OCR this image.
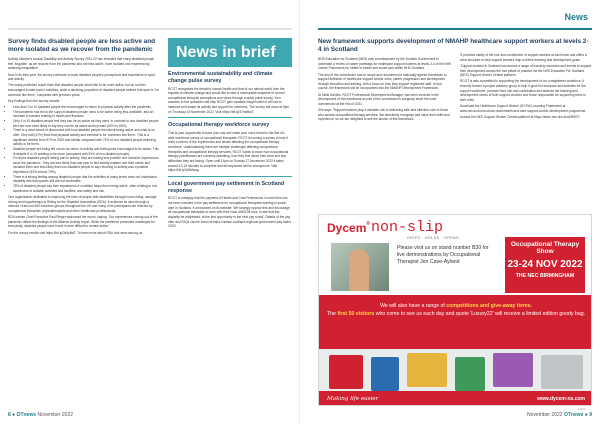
Survey finds disabled people are less active and more isolated as we recover from the pandemic

Activity Alliance's Annual Disability and Activity Survey 2021-22 has revealed that many disabled people feel 'forgotten' as we recover from the pandemic and are less active, more isolated and experiencing widening inequalities'.

Now in its third year, the survey continues to track disabled people's perceptions and experience of sport and activity.

The newly published report finds that disabled people would like to be more active, but do not feel encouraged to take part in activities, while a declining proportion of disabled people believe that sport is 'for someone like them', compared with previous years.

Key findings from the survey include:

• Less than 3 in 10 disabled people feel encouraged to return to physical activity after the pandemic.
• The pandemic has led to the support disabled people need to be active being less available, and an increase in barriers relating to health and finances.
• Only 4 in 10 disabled people feel they can be as active as they want, in contrast to non-disabled people who are now more likely to say they can be as active as they want (62% to 69%).
• There is a clear sense of disconnect with how disabled people feel about being active and what is on offer. Only half (47%) think that physical activity and exercise is for 'someone like them'. This is a significant decline from 57% in 2020 and similar compared with 72% of non-disabled people believing activity is for them.
• Disabled people are being left out as we return to activity and feeling less encouraged to be active. This is despite 8 in 10 wanting to be more (compared with 51% of non-disabled people).
• For those disabled people taking part in activity, they are having less positive and inclusive experiences since the pandemic. They are less likely than last year to feel activity leaders met their needs and included them and less likely than non-disabled people to say returning to activity was a positive experience (52% versus 70%).
• There is a strong feeling among disabled people that the activities at many levels does not understand disability and that spaces still are not accessible.
• 78% of disabled people say their impairment or condition stops them being active, often relating to low awareness of suitable activities and facilities, and safety and risk.

One organisation dedicated to improving the lives of people with disabilities through horse riding, carriage driving and hippotherapy is Riding for the Disabled Association (RDA). It achieves its aims through a network of around 450 volunteer groups throughout the UK and many of its participants are referred by occupational therapists, physiotherapists and other healthcare professionals.

RDA Interim Chief Executive Paul Ringer welcomed the report, saying: 'Our experiences coming out of the pandemic reflect the findings of the Alliance Activity report. While the pandemic presented challenges for everybody, disabled people have found it more difficult to remain active.'

For the survey results visit https://bit.ly/3z9p8wT. To learn more about RDA visit www.rda.org.uk.

News in brief
Environmental sustainability and climate change pulse survey
RCOT recognises the threat to human health and that of our natural world from the impacts of climate change and would like to take a measurable snapshot of current occupational therapist perceptions and views through a quick pulse survey. Your answers to five questions will help RCOT gain valuable insight which it will use to measure and shape its activity and support for members. The survey will close at 5pm on Thursday 24 November 2022. Visit https://bit.ly/37mnBwT.
Occupational therapy workforce survey
This is your opportunity to have your say and make your voice heard in the first UK-wide workforce survey of occupational therapists. RCOT is running a survey to help it build a picture of the experiences and issues affecting the occupational therapy workforce. Understanding there are multiple challenges affecting occupational therapists and occupational therapy services, RCOT wants to know how occupational therapy practitioners are currently operating, how they feel about their work and any difficulties they are facing. Open until 11pm on Sunday 27 November 2022 it takes around 10-15 minutes to complete and all responses will be anonymous. Visit https://bit.ly/3z5Mwag.
Local government pay settlement in Scotland response
RCOT is unhappy that the payment of Health and Care Professions Council fees has not been included in the pay settlement for occupational therapists working in social care in Scotland. It announced on its website: 'We strongly oppose this and encourage all occupational therapists to work with their local UNISON reps, to ask that this disparity be addressed, at the first opportunity in the next pay round'. Details of the pay offer and FAQs can be found at https://unison-scotland.org/local-government-pay-ballot-2022/.
8 ● OTnews November 2022
News
New framework supports development of NMAHP healthcare support workers at levels 2-4 in Scotland

NHS Education for Scotland (NES) was commissioned by the Scottish Government to undertake a review of career pathways for healthcare support workers at levels 2-4 of the NHS Career Framework for health in health and social care within NHS Scotland.

The aim of the commission was to scope and recommend a nationally agreed framework to support definition of healthcare support worker roles, career progression and development through education and training, with a focus on how they support registered staff. In due course, the framework will be incorporated into the NMAHP Development Framework.

Dr Nikki Daniels, RCOT Professional Development Manager, has been involved in the development of this framework as part of the commission's subgroup since the work commenced at the end of 2021.

She says: 'Support workers play a valuable role in delivering safe and effective care to those who access occupational therapy services. We absolutely recognise and value their skills and experience, so we are delighted to see the launch of this framework.

'It provides clarity of the role and contribution of support workers at each level and offers a clear structure to help support workers map out their learning and development goals.

'Support workers in Scotland can access a range of learning resources and events to support their development across the four pillars of practice via the NHS Education For Scotland (NES) Support Worker Central platform.

RCOT is also committed to supporting the development of our unregistered workforce. It recently formed a project advisory group to help it grow its resources and activities for the support workforce, promote their role and contribution and address the learning and development needs of both support workers and those responsible for supporting them in their roles.

Download the Healthcare Support Worker (HCSW) Learning Framework at www.nes.scot.nhs.uk/our-work/health-and-care-support-worker-development-programme.

Access the NES Support Worker Central platform at https://learn.nes.nhs.scot/39970

Dycem® non-slip
GRIPS · HOLDS · OPENS
Please visit us on stand number B30 for live demonstrations by Occupational Therapist Jen Cave-Ayland
Occupational Therapy Show
23-24 NOV 2022
THE NEC BIRMINGHAM
We will also have a range of competitions and give-away items.
The first 50 visitors who come to see us each day and quote 'Luxury22' will receive a limited edition goody bag.
Making life easier	www.dycem-ns.com
11/22
November 2022 OTnews ● 9
